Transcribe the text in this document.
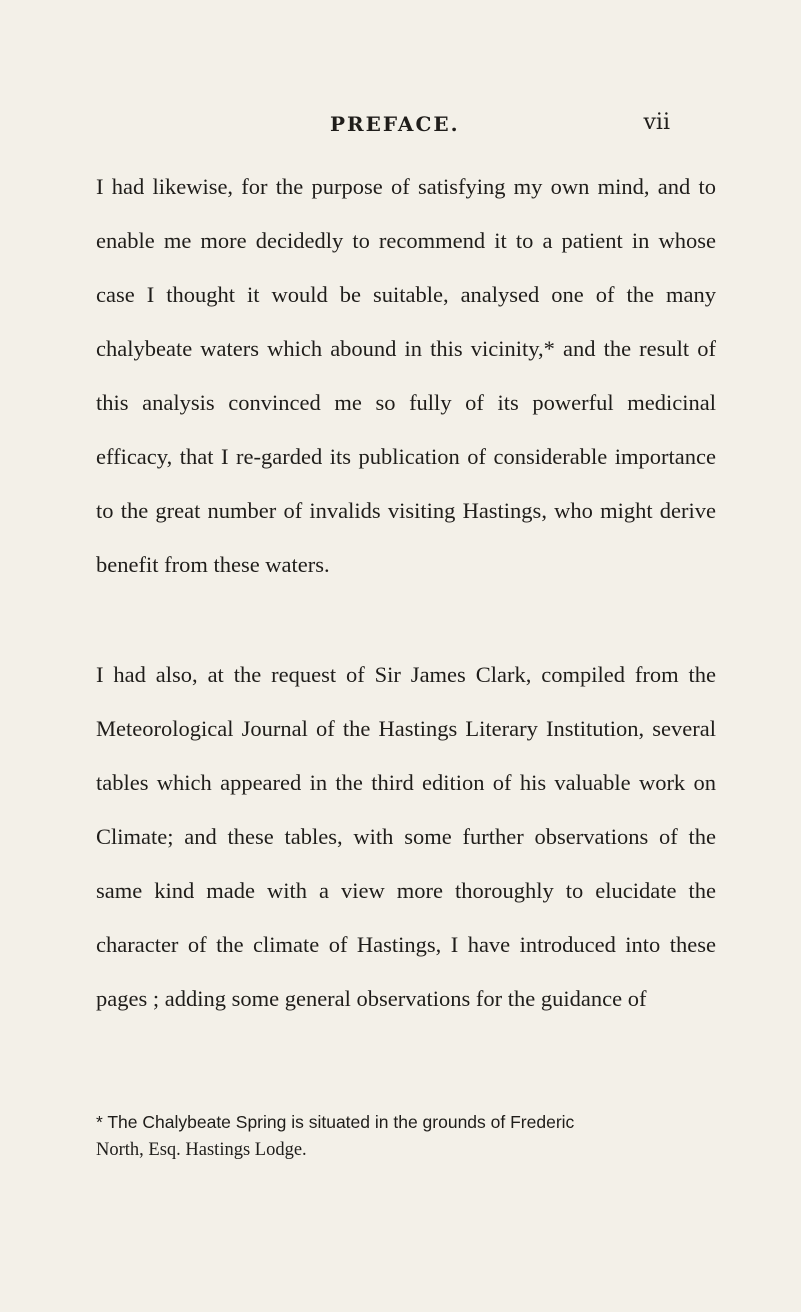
PREFACE.	vii

I had likewise, for the purpose of satisfying my own mind, and to enable me more decidedly to recommend it to a patient in whose case I thought it would be suitable, analysed one of the many chalybeate waters which abound in this vicinity,* and the result of this analysis convinced me so fully of its powerful medicinal efficacy, that I re-garded its publication of considerable importance to the great number of invalids visiting Hastings, who might derive benefit from these waters.

I had also, at the request of Sir James Clark, compiled from the Meteorological Journal of the Hastings Literary Institution, several tables which appeared in the third edition of his valuable work on Climate; and these tables, with some further observations of the same kind made with a view more thoroughly to elucidate the character of the climate of Hastings, I have introduced into these pages ; adding some general observations for the guidance of

* The Chalybeate Spring is situated in the grounds of Frederic
North, Esq. Hastings Lodge.
